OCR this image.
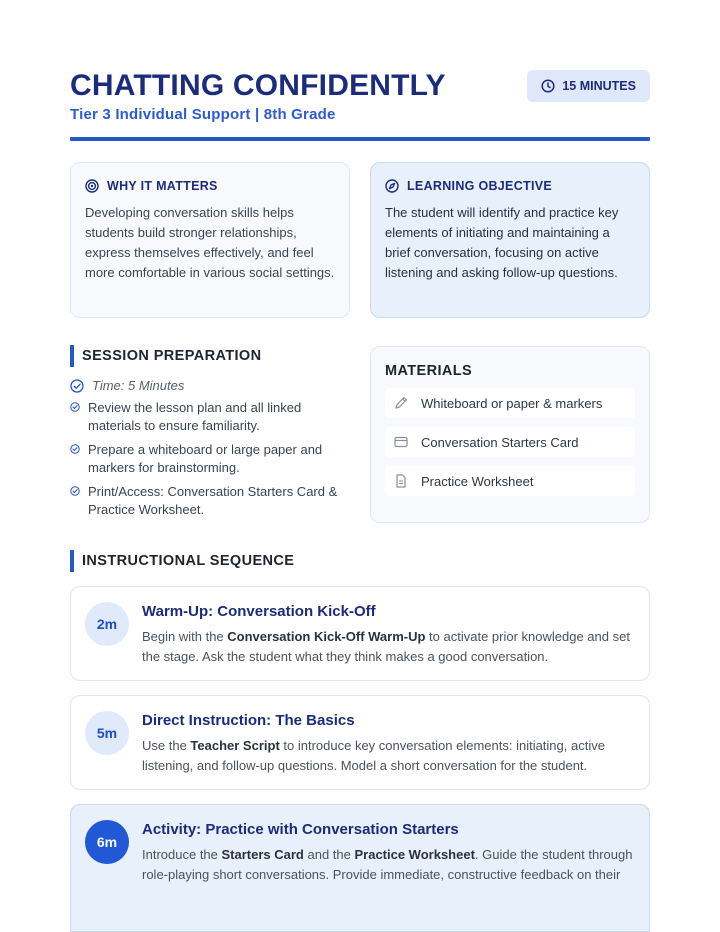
CHATTING CONFIDENTLY
Tier 3 Individual Support | 8th Grade
15 MINUTES
WHY IT MATTERS
Developing conversation skills helps students build stronger relationships, express themselves effectively, and feel more comfortable in various social settings.
LEARNING OBJECTIVE
The student will identify and practice key elements of initiating and maintaining a brief conversation, focusing on active listening and asking follow-up questions.
SESSION PREPARATION
Time: 5 Minutes
Review the lesson plan and all linked materials to ensure familiarity.
Prepare a whiteboard or large paper and markers for brainstorming.
Print/Access: Conversation Starters Card & Practice Worksheet.
MATERIALS
Whiteboard or paper & markers
Conversation Starters Card
Practice Worksheet
INSTRUCTIONAL SEQUENCE
2m
Warm-Up: Conversation Kick-Off
Begin with the Conversation Kick-Off Warm-Up to activate prior knowledge and set the stage. Ask the student what they think makes a good conversation.
5m
Direct Instruction: The Basics
Use the Teacher Script to introduce key conversation elements: initiating, active listening, and follow-up questions. Model a short conversation for the student.
6m
Activity: Practice with Conversation Starters
Introduce the Starters Card and the Practice Worksheet. Guide the student through role-playing short conversations. Provide immediate, constructive feedback on their
